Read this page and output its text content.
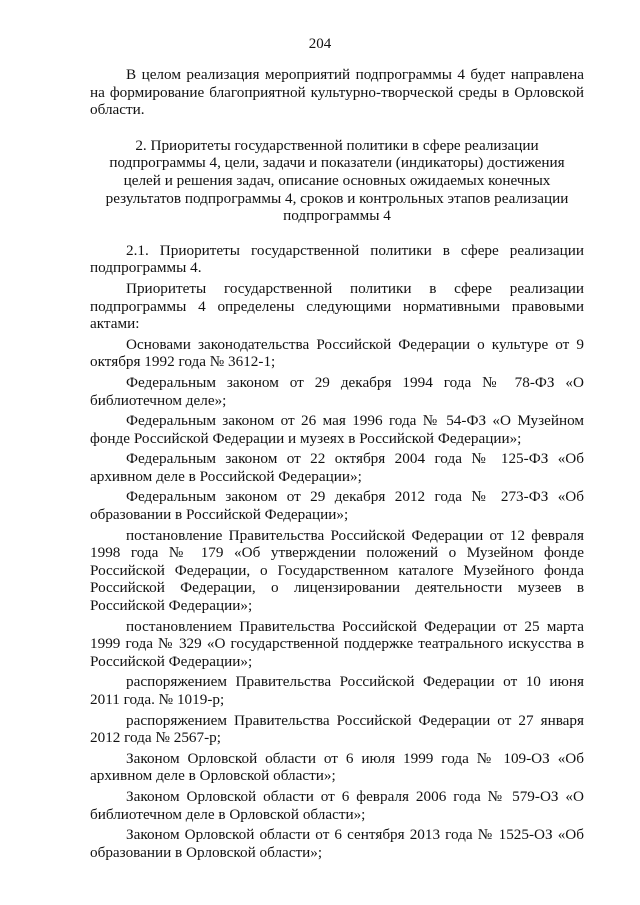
204

В целом реализация мероприятий подпрограммы 4 будет направлена на формирование благоприятной культурно-творческой среды в Орловской области.

2. Приоритеты государственной политики в сфере реализации подпрограммы 4, цели, задачи и показатели (индикаторы) достижения целей и решения задач, описание основных ожидаемых конечных результатов подпрограммы 4, сроков и контрольных этапов реализации подпрограммы 4

2.1. Приоритеты государственной политики в сфере реализации подпрограммы 4.

Приоритеты государственной политики в сфере реализации подпрограммы 4 определены следующими нормативными правовыми актами:

Основами законодательства Российской Федерации о культуре от 9 октября 1992 года № 3612-1;

Федеральным законом от 29 декабря 1994 года № 78-ФЗ «О библиотечном деле»;

Федеральным законом от 26 мая 1996 года № 54-ФЗ «О Музейном фонде Российской Федерации и музеях в Российской Федерации»;

Федеральным законом от 22 октября 2004 года № 125-ФЗ «Об архивном деле в Российской Федерации»;

Федеральным законом от 29 декабря 2012 года № 273-ФЗ «Об образовании в Российской Федерации»;

постановление Правительства Российской Федерации от 12 февраля 1998 года № 179 «Об утверждении положений о Музейном фонде Российской Федерации, о Государственном каталоге Музейного фонда Российской Федерации, о лицензировании деятельности музеев в Российской Федерации»;

постановлением Правительства Российской Федерации от 25 марта 1999 года № 329 «О государственной поддержке театрального искусства в Российской Федерации»;

распоряжением Правительства Российской Федерации от 10 июня 2011 года. № 1019-р;

распоряжением Правительства Российской Федерации от 27 января 2012 года № 2567-р;

Законом Орловской области от 6 июля 1999 года № 109-ОЗ «Об архивном деле в Орловской области»;

Законом Орловской области от 6 февраля 2006 года № 579-ОЗ «О библиотечном деле в Орловской области»;

Законом Орловской области от 6 сентября 2013 года № 1525-ОЗ «Об образовании в Орловской области»;
